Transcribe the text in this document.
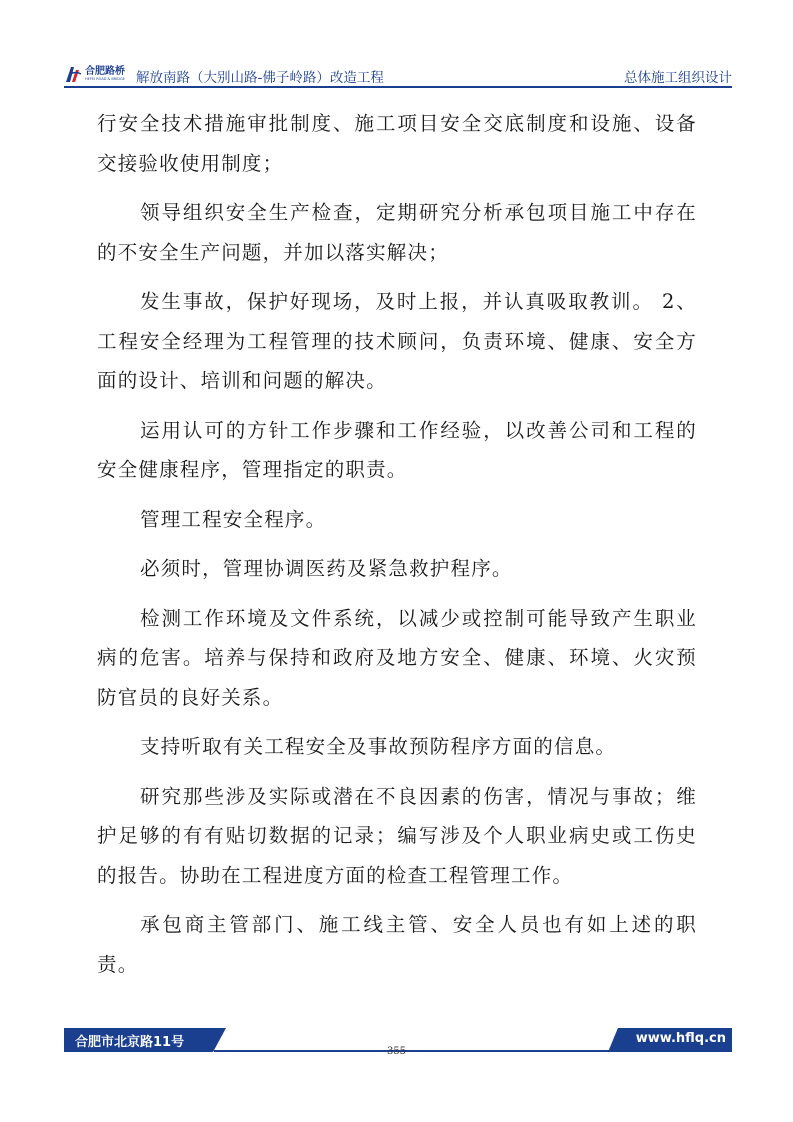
合肥路桥
HEFEI ROAD & BRIDGE 解放南路（大别山路-佛子岭路）改造工程	总体施工组织设计

行安全技术措施审批制度、施工项目安全交底制度和设施、设备 交接验收使用制度；

领导组织安全生产检查，定期研究分析承包项目施工中存在 的不安全生产问题，并加以落实解决；

发生事故，保护好现场，及时上报，并认真吸取教训。 2、工程安全经理为工程管理的技术顾问，负责环境、健康、安全方 面的设计、培训和问题的解决。

运用认可的方针工作步骤和工作经验，以改善公司和工程的 安全健康程序，管理指定的职责。

管理工程安全程序。

必须时，管理协调医药及紧急救护程序。

检测工作环境及文件系统，以减少或控制可能导致产生职业 病的危害。培养与保持和政府及地方安全、健康、环境、火灾预 防官员的良好关系。

支持听取有关工程安全及事故预防程序方面的信息。

研究那些涉及实际或潜在不良因素的伤害，情况与事故；维 护足够的有有贴切数据的记录；编写涉及个人职业病史或工伤史 的报告。协助在工程进度方面的检查工程管理工作。

承包商主管部门、施工线主管、安全人员也有如上述的职 责。

合肥市北京路11号	www.hflq.cn
355
